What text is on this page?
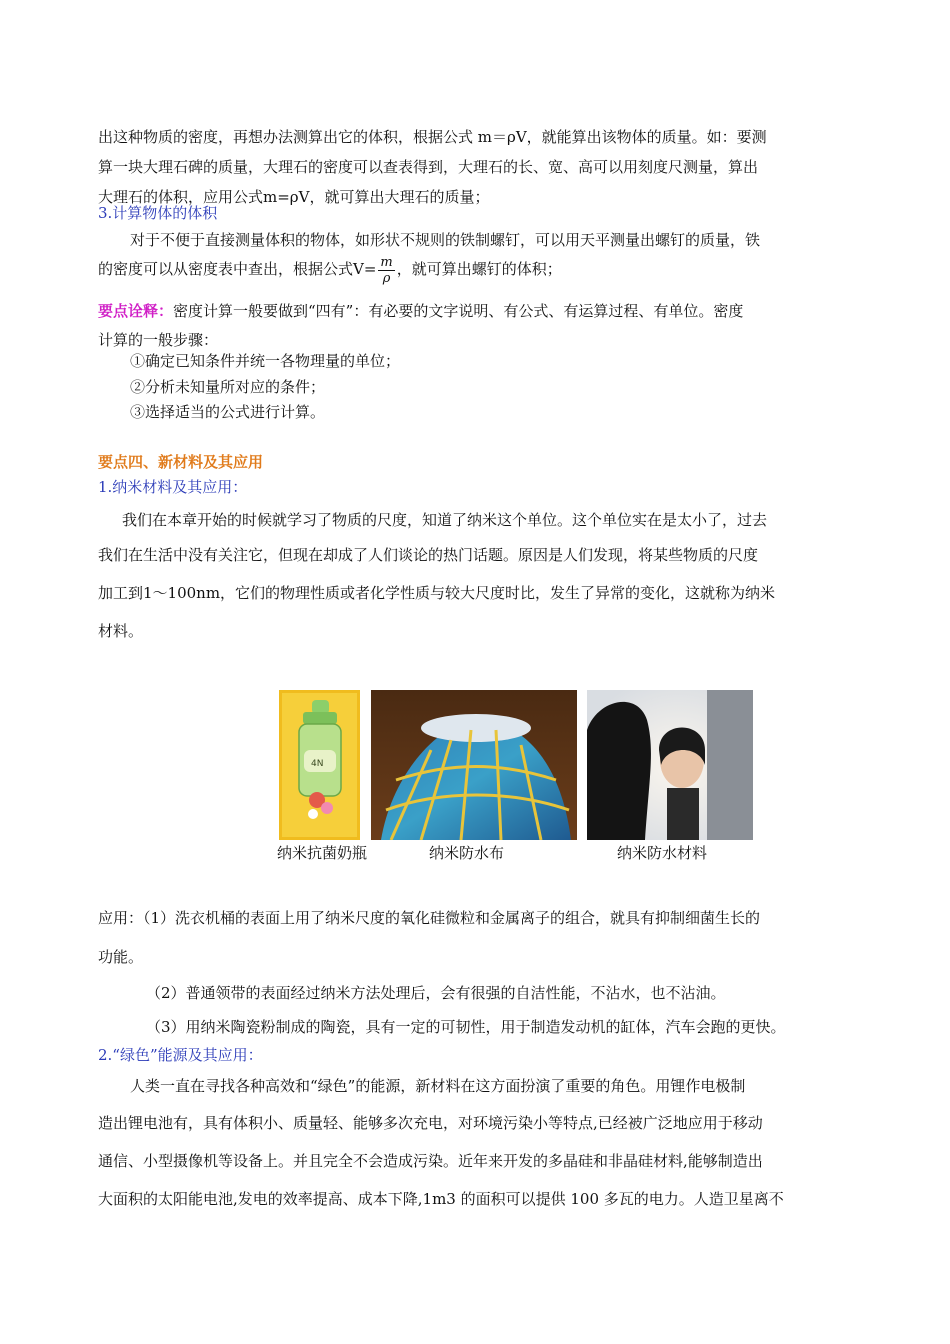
出这种物质的密度，再想办法测算出它的体积，根据公式 m＝ρV，就能算出该物体的质量。如：要测

算一块大理石碑的质量，大理石的密度可以查表得到，大理石的长、宽、高可以用刻度尺测量，算出

大理石的体积，应用公式m=ρV，就可算出大理石的质量；

3.计算物体的体积

对于不便于直接测量体积的物体，如形状不规则的铁制螺钉，可以用天平测量出螺钉的质量，铁

的密度可以从密度表中查出，根据公式$V= \frac{m}{\rho}$ ，就可算出螺钉的体积；
要点诠释：密度计算一般要做到“四有”：有必要的文字说明、有公式、有运算过程、有单位。密度

计算的一般步骤：

①确定已知条件并统一各物理量的单位；

②分析未知量所对应的条件；

③选择适当的公式进行计算。

要点四、新材料及其应用

1.纳米材料及其应用：

我们在本章开始的时候就学习了物质的尺度，知道了纳米这个单位。这个单位实在是太小了，过去

我们在生活中没有关注它，但现在却成了人们谈论的热门话题。原因是人们发现，将某些物质的尺度

加工到1～100nm，它们的物理性质或者化学性质与较大尺度时比，发生了异常的变化，这就称为纳米

材料。

4N
纳米抗菌奶瓶	纳米防水布	纳米防水材料

应用：（1）洗衣机桶的表面上用了纳米尺度的氧化硅微粒和金属离子的组合，就具有抑制细菌生长的

功能。

（2）普通领带的表面经过纳米方法处理后，会有很强的自洁性能，不沾水，也不沾油。

（3）用纳米陶瓷粉制成的陶瓷，具有一定的可韧性，用于制造发动机的缸体，汽车会跑的更快。

2.“绿色”能源及其应用：

人类一直在寻找各种高效和“绿色”的能源，新材料在这方面扮演了重要的角色。用锂作电极制

造出锂电池有，具有体积小、质量轻、能够多次充电，对环境污染小等特点,已经被广泛地应用于移动

通信、小型摄像机等设备上。并且完全不会造成污染。近年来开发的多晶硅和非晶硅材料,能够制造出

大面积的太阳能电池,发电的效率提高、成本下降,1m3 的面积可以提供 100 多瓦的电力。人造卫星离不
